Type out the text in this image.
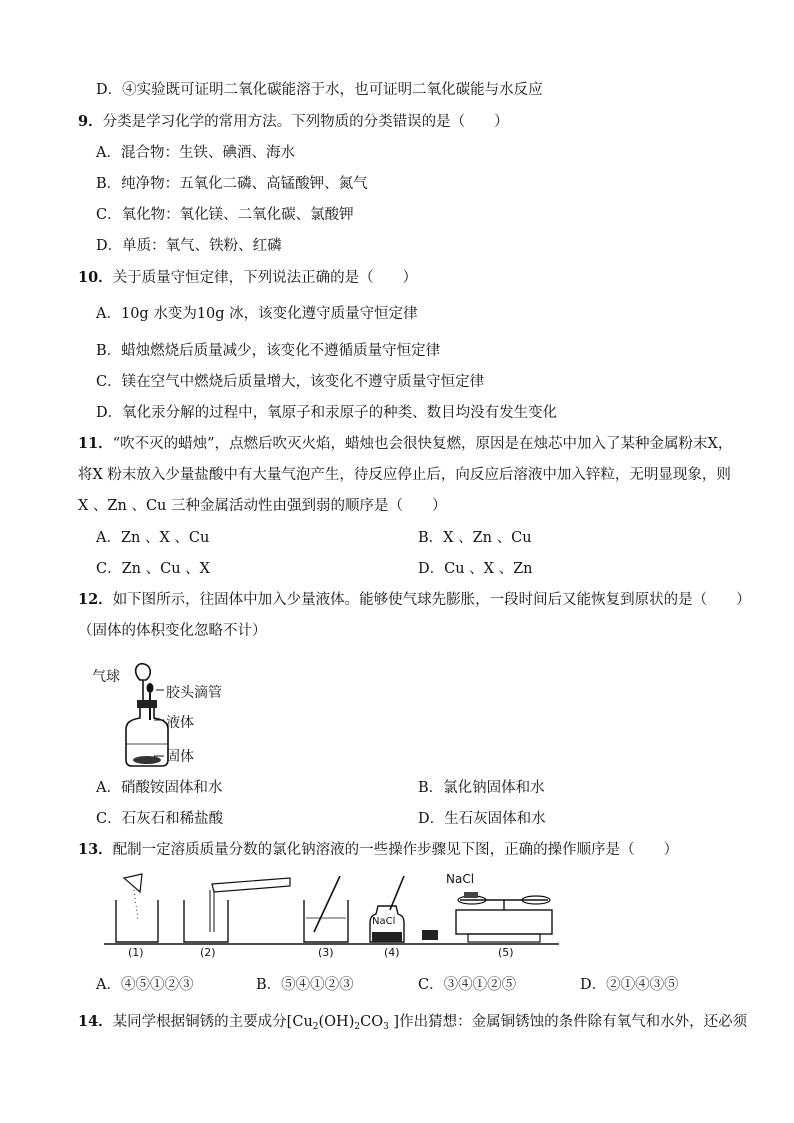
D．④实验既可证明二氧化碳能溶于水，也可证明二氧化碳能与水反应
9．分类是学习化学的常用方法。下列物质的分类错误的是（　　）
A．混合物：生铁、碘酒、海水
B．纯净物：五氧化二磷、高锰酸钾、氮气
C．氧化物：氧化镁、二氧化碳、氯酸钾
D．单质：氧气、铁粉、红磷
10．关于质量守恒定律，下列说法正确的是（　　）
A．10g 水变为10g 冰，该变化遵守质量守恒定律
B．蜡烛燃烧后质量减少，该变化不遵循质量守恒定律
C．镁在空气中燃烧后质量增大，该变化不遵守质量守恒定律
D．氧化汞分解的过程中，氧原子和汞原子的种类、数目均没有发生变化
11．“吹不灭的蜡烛”，点燃后吹灭火焰，蜡烛也会很快复燃，原因是在烛芯中加入了某种金属粉末X，
将X 粉末放入少量盐酸中有大量气泡产生，待反应停止后，向反应后溶液中加入锌粒，无明显现象，则
X 、Zn 、Cu 三种金属活动性由强到弱的顺序是（　　）
A．Zn 、X 、Cu	B．X 、Zn 、Cu
C．Zn 、Cu 、X	D．Cu 、X 、Zn
12．如下图所示，往固体中加入少量液体。能够使气球先膨胀，一段时间后又能恢复到原状的是（　　）
（固体的体积变化忽略不计）
气球
胶头滴管
液体
固体
A．硝酸铵固体和水	B．氯化钠固体和水
C．石灰石和稀盐酸	D．生石灰固体和水
13．配制一定溶质质量分数的氯化钠溶液的一些操作步骤见下图，正确的操作顺序是（　　）
(1)	(2)	(3)	(4)	(5)
NaCl
NaCl
A．④⑤①②③	B．⑤④①②③	C．③④①②⑤	D．②①④③⑤
14．某同学根据铜锈的主要成分[$Cu_2(OH)_2CO_3$ ]作出猜想：金属铜锈蚀的条件除有氧气和水外，还必须
